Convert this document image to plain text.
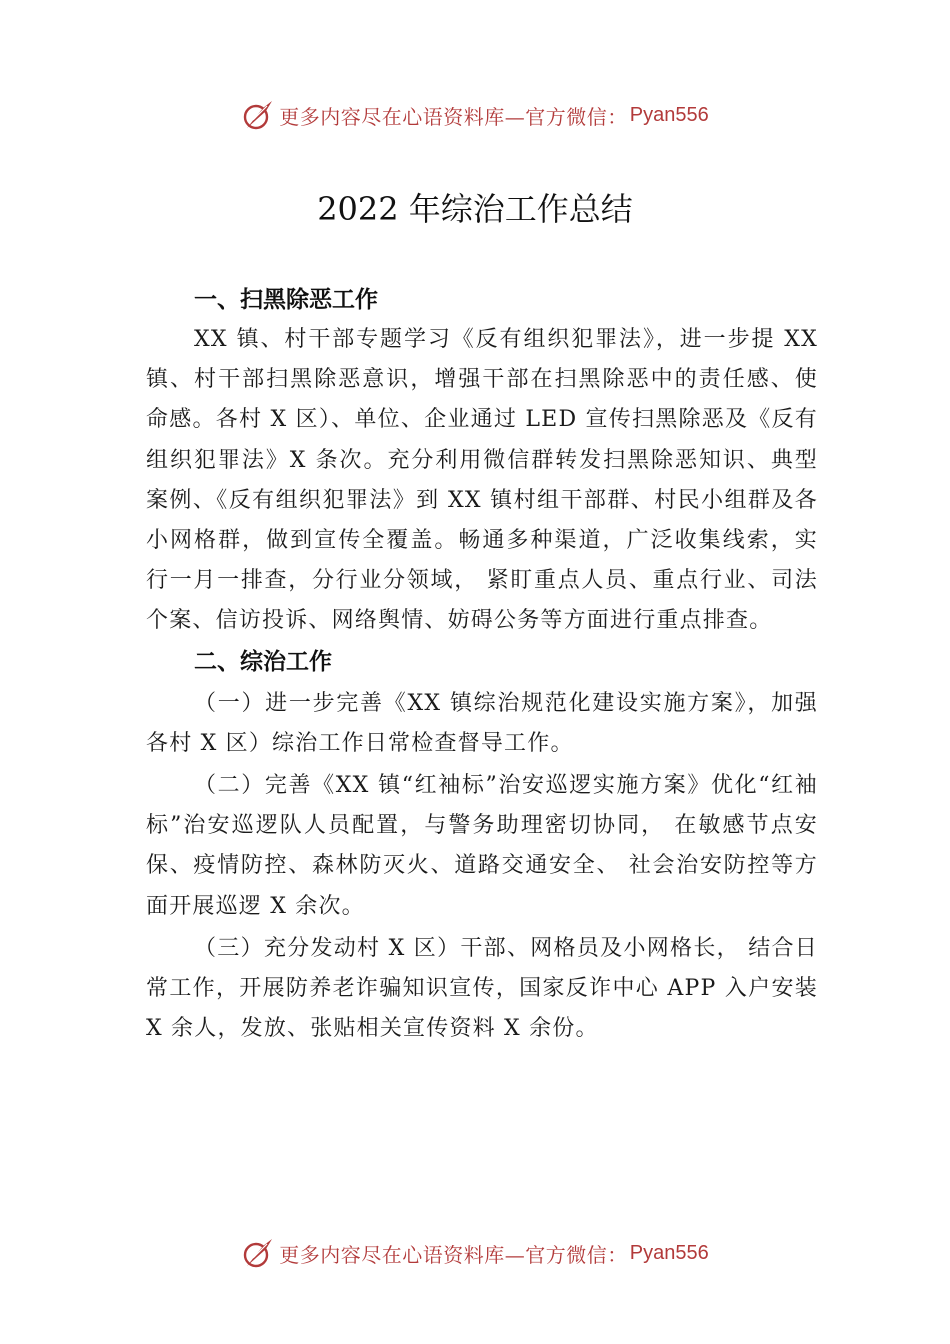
更多内容尽在心语资料库—官方微信： Pyan556
2022 年综治工作总结
一、扫黑除恶工作

XX 镇、村干部专题学习《反有组织犯罪法》，进一步提 XX 镇、村干部扫黑除恶意识，增强干部在扫黑除恶中的责任感、使命感。各村 X 区）、单位、企业通过 LED 宣传扫黑除恶及《反有组织犯罪法》X 条次。充分利用微信群转发扫黑除恶知识、典型案例、《反有组织犯罪法》到 XX 镇村组干部群、村民小组群及各小网格群，做到宣传全覆盖。畅通多种渠道，广泛收集线索，实行一月一排查，分行业分领域， 紧盯重点人员、重点行业、司法个案、信访投诉、网络舆情、妨碍公务等方面进行重点排查。

二、综治工作

（一）进一步完善《XX 镇综治规范化建设实施方案》，加强各村 X 区）综治工作日常检查督导工作。

（二）完善《XX 镇“红袖标”治安巡逻实施方案》优化“红袖标”治安巡逻队人员配置，与警务助理密切协同， 在敏感节点安保、疫情防控、森林防灭火、道路交通安全、 社会治安防控等方面开展巡逻 X 余次。

（三）充分发动村 X 区）干部、网格员及小网格长， 结合日常工作，开展防养老诈骗知识宣传，国家反诈中心 APP 入户安装 X 余人，发放、张贴相关宣传资料 X 余份。

更多内容尽在心语资料库—官方微信： Pyan556
